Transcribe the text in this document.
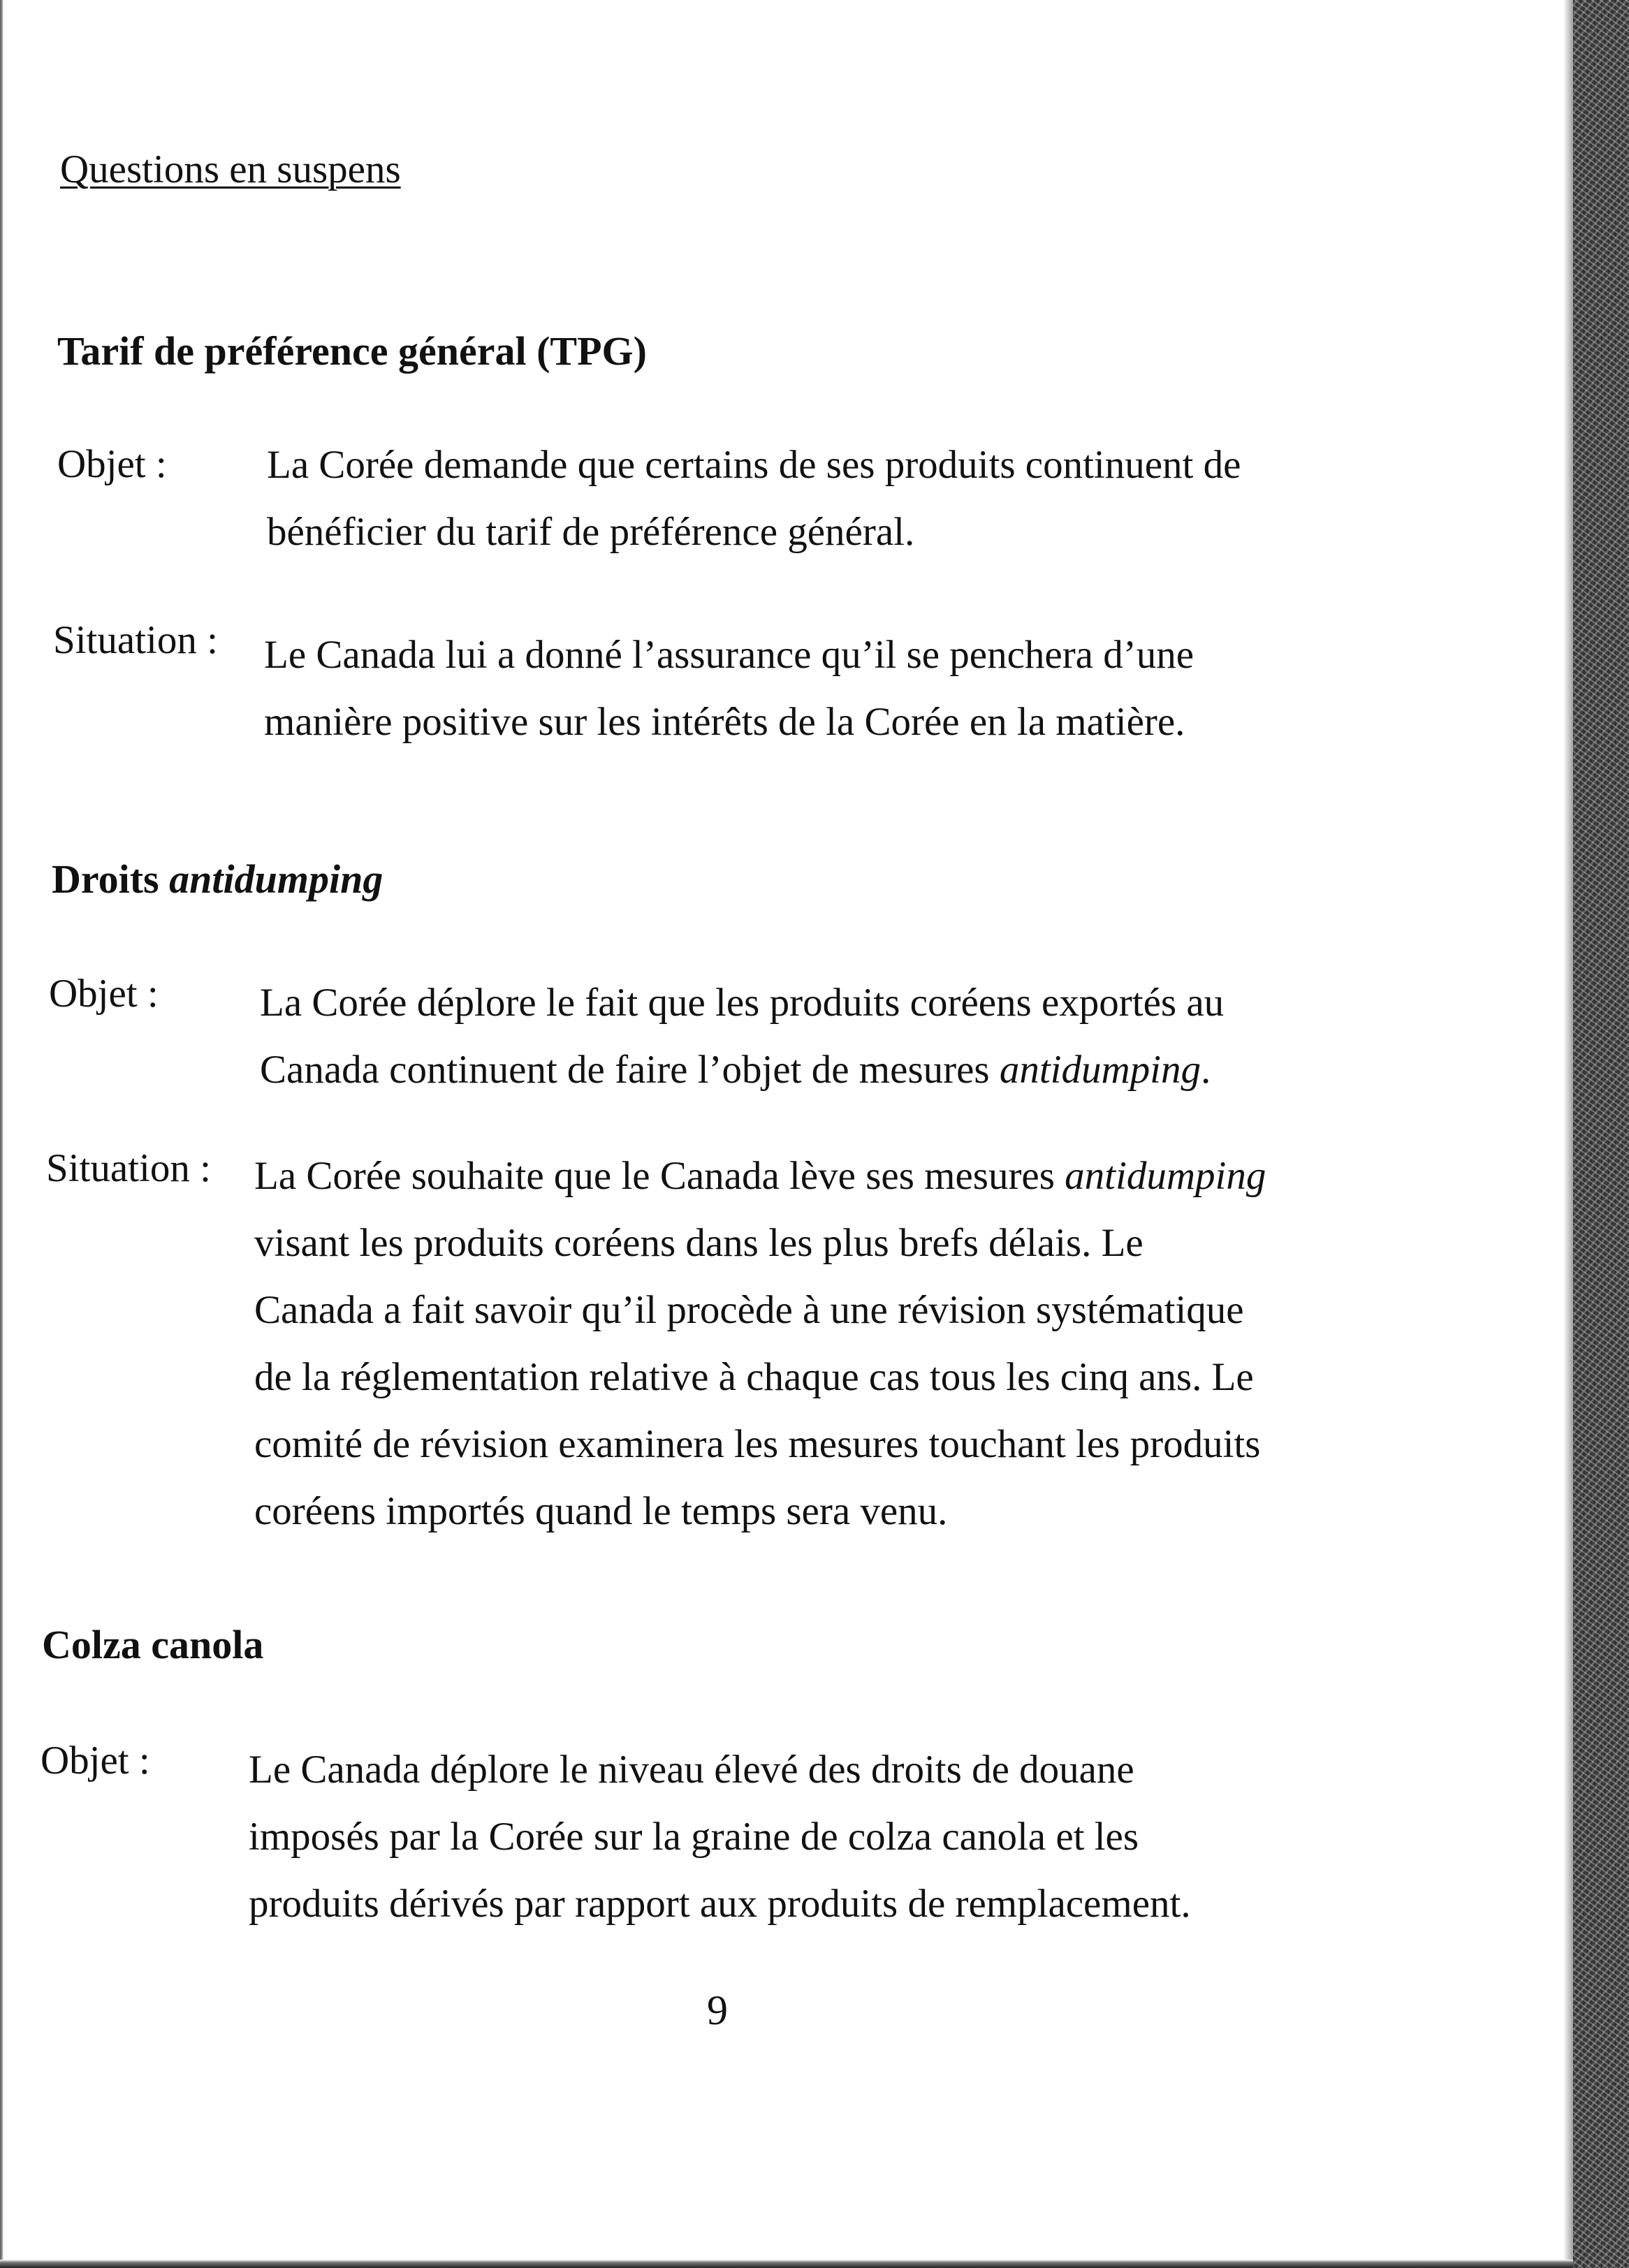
Questions en suspens
Tarif de préférence général (TPG)
Objet :	La Corée demande que certains de ses produits continuent de
bénéficier du tarif de préférence général.
Situation : Le Canada lui a donné l’assurance qu’il se penchera d’une
manière positive sur les intérêts de la Corée en la matière.
Droits antidumping
Objet :	La Corée déplore le fait que les produits coréens exportés au
Canada continuent de faire l’objet de mesures antidumping.
Situation : La Corée souhaite que le Canada lève ses mesures antidumping
visant les produits coréens dans les plus brefs délais. Le
Canada a fait savoir qu’il procède à une révision systématique
de la réglementation relative à chaque cas tous les cinq ans. Le
comité de révision examinera les mesures touchant les produits
coréens importés quand le temps sera venu.
Colza canola
Objet : Le Canada déplore le niveau élevé des droits de douane
imposés par la Corée sur la graine de colza canola et les
produits dérivés par rapport aux produits de remplacement.
9
